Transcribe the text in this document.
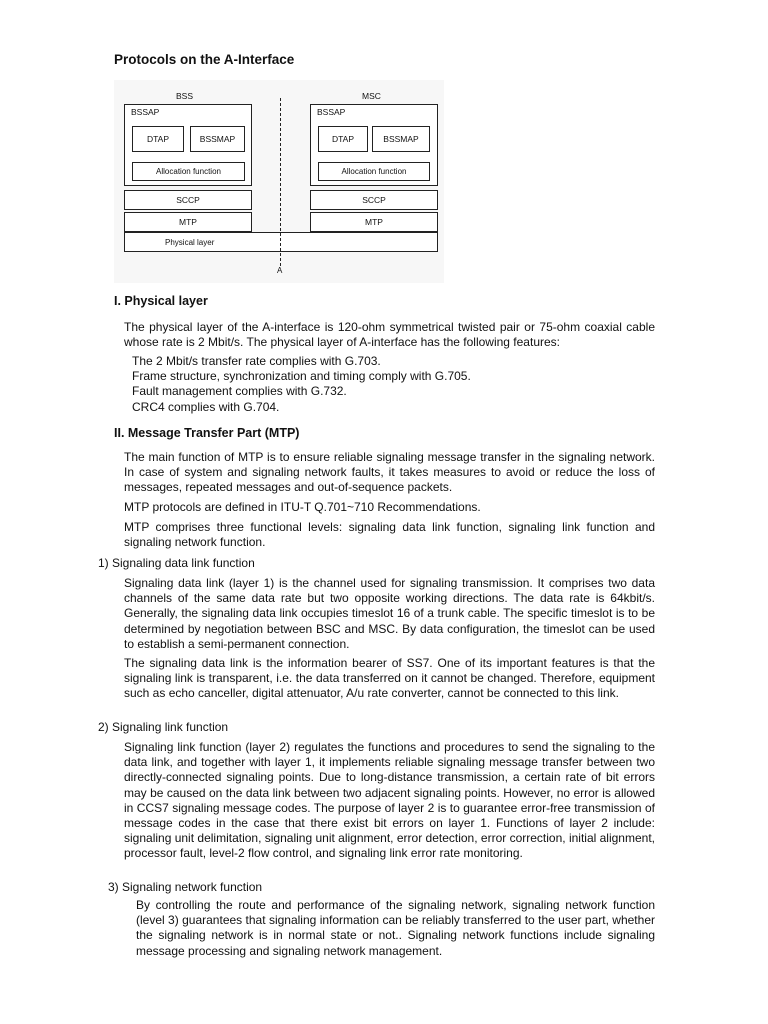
Protocols on the A-Interface
BSS
BSSAP
DTAP	BSSMAP
Allocation function
SCCP
MTP
MSC
BSSAP
DTAP	BSSMAP
Allocation function
SCCP
MTP
Physical layer
A
I. Physical layer
The physical layer of the A-interface is 120-ohm symmetrical twisted pair or 75-ohm coaxial cable whose rate is 2 Mbit/s. The physical layer of A-interface has the following features:
The 2 Mbit/s transfer rate complies with G.703.
Frame structure, synchronization and timing comply with G.705.
Fault management complies with G.732.
CRC4 complies with G.704.
II. Message Transfer Part (MTP)
The main function of MTP is to ensure reliable signaling message transfer in the signaling network. In case of system and signaling network faults, it takes measures to avoid or reduce the loss of messages, repeated messages and out-of-sequence packets.
MTP protocols are defined in ITU-T Q.701~710 Recommendations.
MTP comprises three functional levels: signaling data link function, signaling link function and signaling network function.
1) Signaling data link function
Signaling data link (layer 1) is the channel used for signaling transmission. It comprises two data channels of the same data rate but two opposite working directions. The data rate is 64kbit/s. Generally, the signaling data link occupies timeslot 16 of a trunk cable. The specific timeslot is to be determined by negotiation between BSC and MSC. By data configuration, the timeslot can be used to establish a semi-permanent connection.
The signaling data link is the information bearer of SS7. One of its important features is that the signaling link is transparent, i.e. the data transferred on it cannot be changed. Therefore, equipment such as echo canceller, digital attenuator, A/u rate converter, cannot be connected to this link.
2) Signaling link function
Signaling link function (layer 2) regulates the functions and procedures to send the signaling to the data link, and together with layer 1, it implements reliable signaling message transfer between two directly-connected signaling points. Due to long-distance transmission, a certain rate of bit errors may be caused on the data link between two adjacent signaling points. However, no error is allowed in CCS7 signaling message codes. The purpose of layer 2 is to guarantee error-free transmission of message codes in the case that there exist bit errors on layer 1. Functions of layer 2 include: signaling unit delimitation, signaling unit alignment, error detection, error correction, initial alignment, processor fault, level-2 flow control, and signaling link error rate monitoring.
3) Signaling network function
By controlling the route and performance of the signaling network, signaling network function (level 3) guarantees that signaling information can be reliably transferred to the user part, whether the signaling network is in normal state or not.. Signaling network functions include signaling message processing and signaling network management.
